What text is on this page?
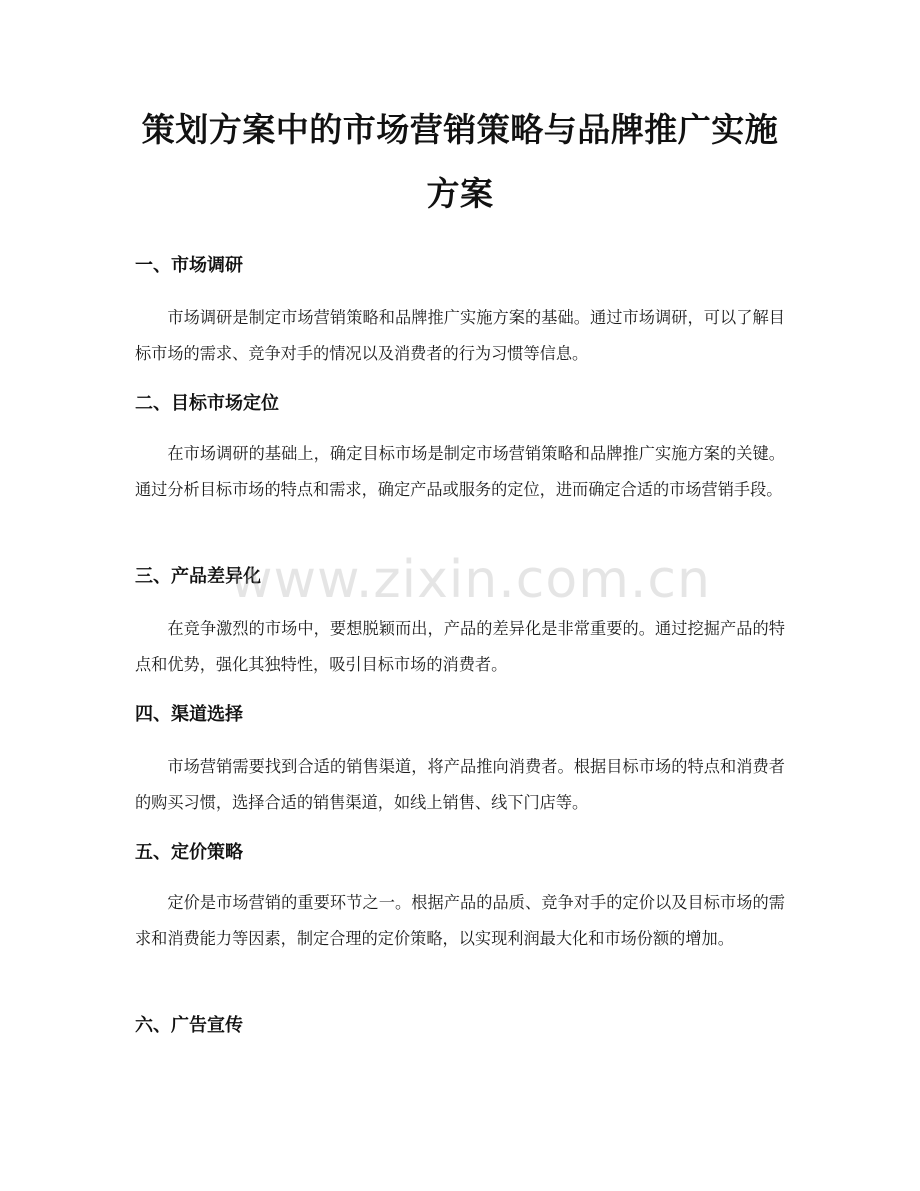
策划方案中的市场营销策略与品牌推广实施
方案
一、市场调研

市场调研是制定市场营销策略和品牌推广实施方案的基础。通过市场调研，可以了解目标市场的需求、竞争对手的情况以及消费者的行为习惯等信息。

二、目标市场定位

在市场调研的基础上，确定目标市场是制定市场营销策略和品牌推广实施方案的关键。通过分析目标市场的特点和需求，确定产品或服务的定位，进而确定合适的市场营销手段。

三、产品差异化

在竞争激烈的市场中，要想脱颖而出，产品的差异化是非常重要的。通过挖掘产品的特点和优势，强化其独特性，吸引目标市场的消费者。

四、渠道选择

市场营销需要找到合适的销售渠道，将产品推向消费者。根据目标市场的特点和消费者的购买习惯，选择合适的销售渠道，如线上销售、线下门店等。

五、定价策略

定价是市场营销的重要环节之一。根据产品的品质、竞争对手的定价以及目标市场的需求和消费能力等因素，制定合理的定价策略，以实现利润最大化和市场份额的增加。

六、广告宣传
www.zixin.com.cn
